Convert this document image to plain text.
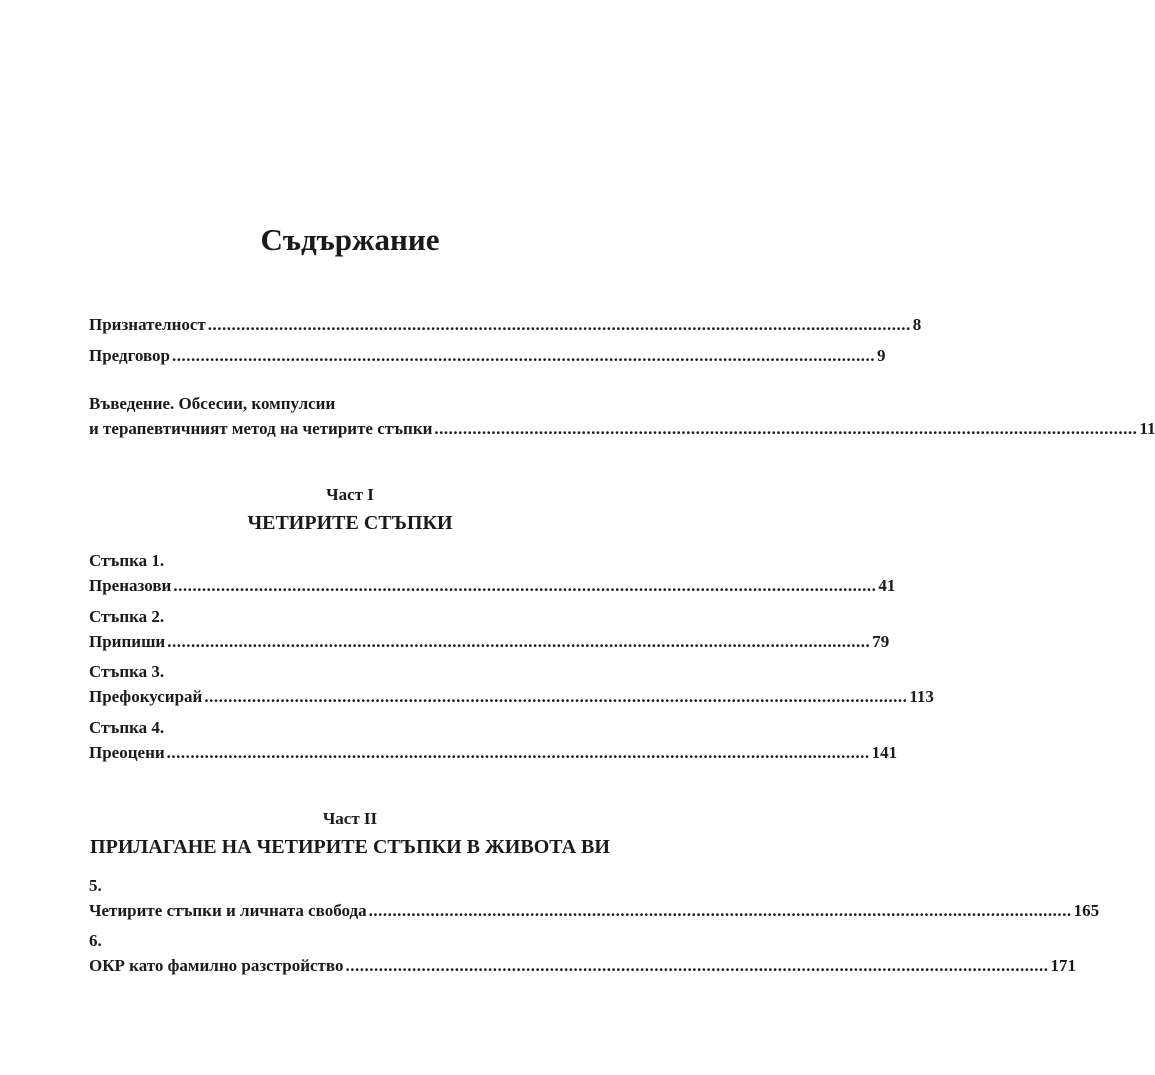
Съдържание
Признателност .................................................................................................................................................... 8
Предговор .................................................................................................................................................... 9
Въведение. Обсесии, компулсии
и терапевтичният метод на четирите стъпки .................................................................................................................................................... 11
Част I
ЧЕТИРИТЕ СТЪПКИ
Стъпка 1.
Преназови .................................................................................................................................................... 41
Стъпка 2.
Припиши .................................................................................................................................................... 79
Стъпка 3.
Префокусирай .................................................................................................................................................... 113
Стъпка 4.
Преоцени .................................................................................................................................................... 141
Част II
ПРИЛАГАНЕ НА ЧЕТИРИТЕ СТЪПКИ В ЖИВОТА ВИ
5.
Четирите стъпки и личната свобода .................................................................................................................................................... 165
6.
ОКР като фамилно разстройство .................................................................................................................................................... 171
